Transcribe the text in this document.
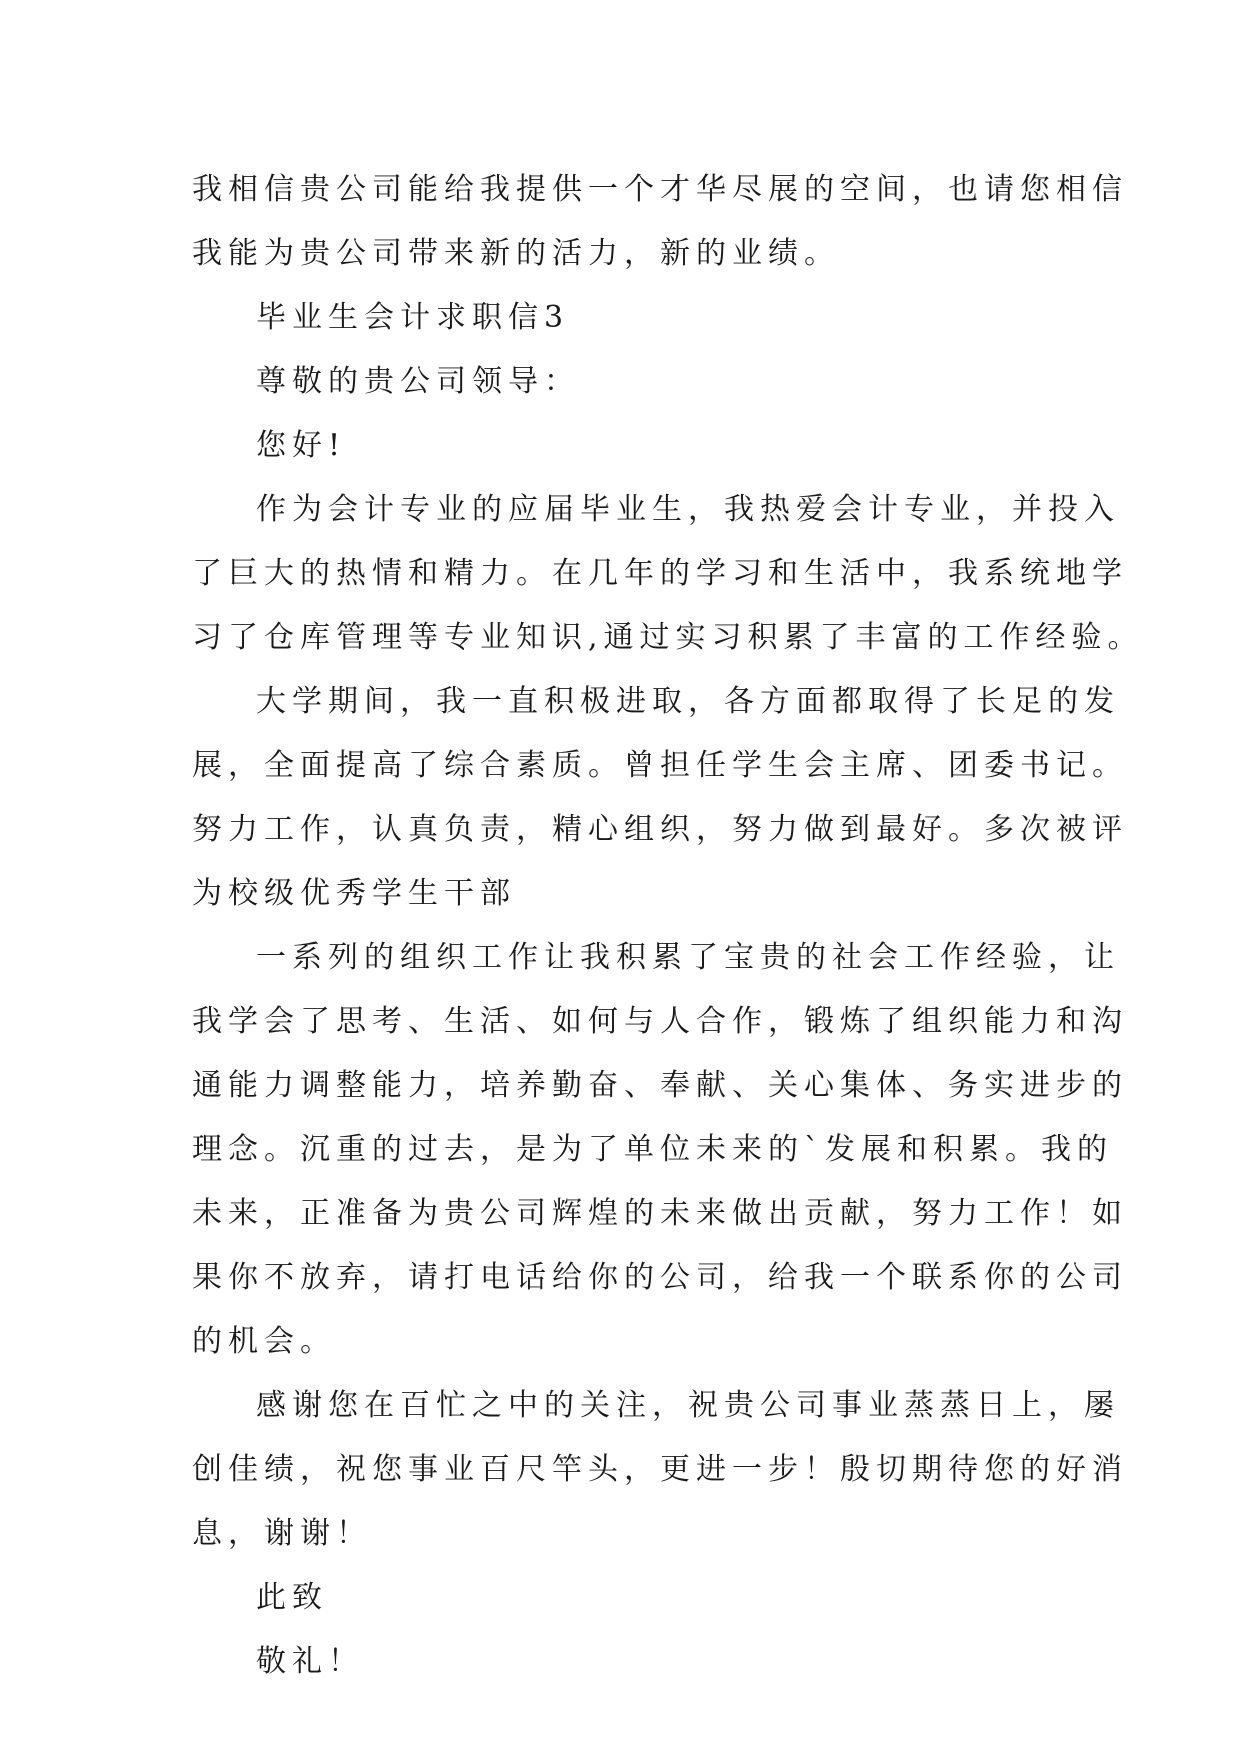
我相信贵公司能给我提供一个才华尽展的空间，也请您相信
我能为贵公司带来新的活力，新的业绩。
毕业生会计求职信3
尊敬的贵公司领导：
您好!
作为会计专业的应届毕业生，我热爱会计专业，并投入
了巨大的热情和精力。在几年的学习和生活中，我系统地学
习了仓库管理等专业知识,通过实习积累了丰富的工作经验。
大学期间，我一直积极进取，各方面都取得了长足的发
展，全面提高了综合素质。曾担任学生会主席、团委书记。
努力工作，认真负责，精心组织，努力做到最好。多次被评
为校级优秀学生干部
一系列的组织工作让我积累了宝贵的社会工作经验，让
我学会了思考、生活、如何与人合作，锻炼了组织能力和沟
通能力调整能力，培养勤奋、奉献、关心集体、务实进步的
理念。沉重的过去，是为了单位未来的`发展和积累。我的
未来，正准备为贵公司辉煌的未来做出贡献，努力工作！如
果你不放弃，请打电话给你的公司，给我一个联系你的公司
的机会。
感谢您在百忙之中的关注，祝贵公司事业蒸蒸日上，屡
创佳绩，祝您事业百尺竿头，更进一步！殷切期待您的好消
息，谢谢！
此致
敬礼！
